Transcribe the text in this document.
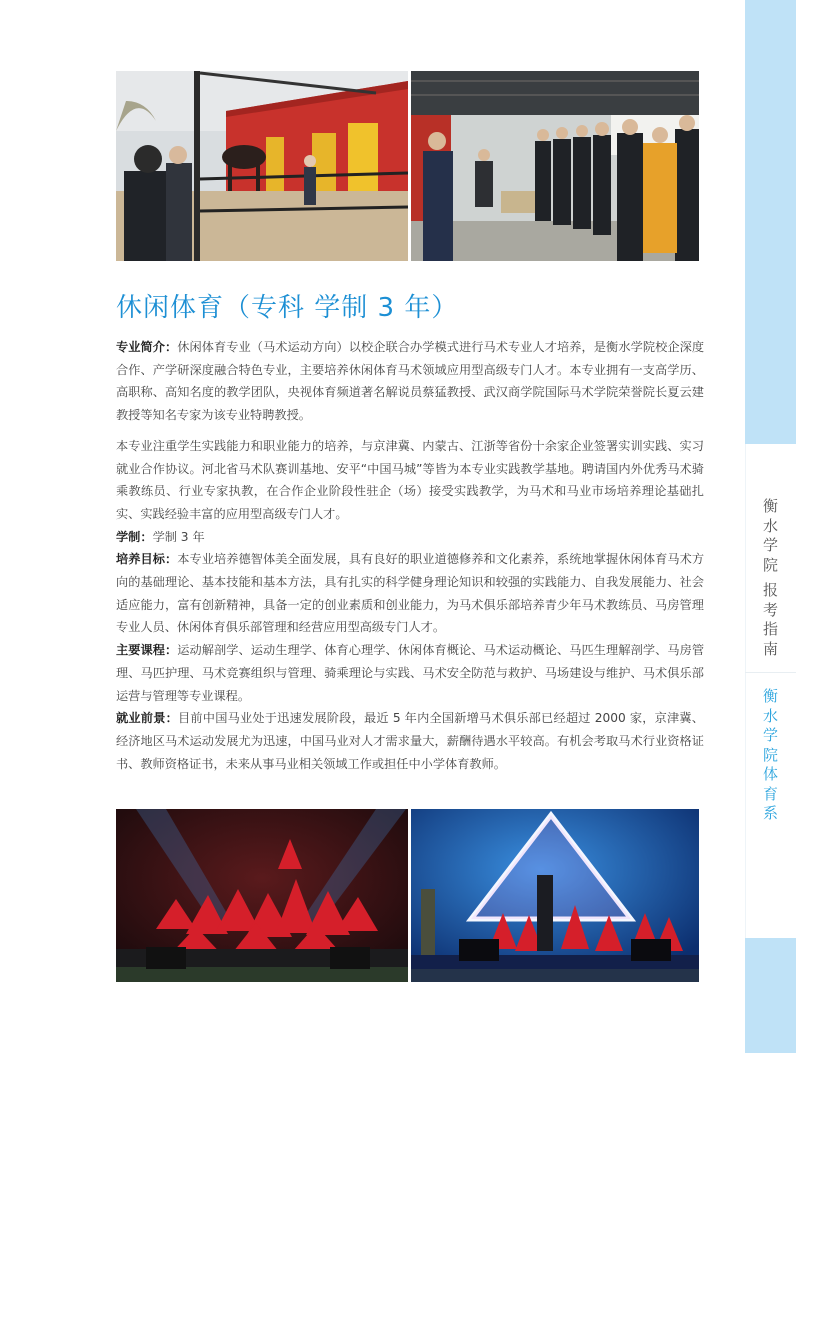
衡
水
学
院
报
考
指
南
衡
水
学
院
体
育
系
休闲体育（专科 学制 3 年）

专业简介：休闲体育专业（马术运动方向）以校企联合办学模式进行马术专业人才培养，是衡水学院校企深度合作、产学研深度融合特色专业，主要培养休闲体育马术领域应用型高级专门人才。本专业拥有一支高学历、高职称、高知名度的教学团队，央视体育频道著名解说员蔡猛教授、武汉商学院国际马术学院荣誉院长夏云建教授等知名专家为该专业特聘教授。

本专业注重学生实践能力和职业能力的培养，与京津冀、内蒙古、江浙等省份十余家企业签署实训实践、实习就业合作协议。河北省马术队赛训基地、安平“中国马城”等皆为本专业实践教学基地。聘请国内外优秀马术骑乘教练员、行业专家执教，在合作企业阶段性驻企（场）接受实践教学，为马术和马业市场培养理论基础扎实、实践经验丰富的应用型高级专门人才。

学制：学制 3 年

培养目标：本专业培养德智体美全面发展，具有良好的职业道德修养和文化素养，系统地掌握休闲体育马术方向的基础理论、基本技能和基本方法，具有扎实的科学健身理论知识和较强的实践能力、自我发展能力、社会适应能力，富有创新精神，具备一定的创业素质和创业能力，为马术俱乐部培养青少年马术教练员、马房管理专业人员、休闲体育俱乐部管理和经营应用型高级专门人才。

主要课程：运动解剖学、运动生理学、体育心理学、休闲体育概论、马术运动概论、马匹生理解剖学、马房管理、马匹护理、马术竞赛组织与管理、骑乘理论与实践、马术安全防范与救护、马场建设与维护、马术俱乐部运营与管理等专业课程。

就业前景：目前中国马业处于迅速发展阶段，最近 5 年内全国新增马术俱乐部已经超过 2000 家，京津冀、经济地区马术运动发展尤为迅速，中国马业对人才需求量大，薪酬待遇水平较高。有机会考取马术行业资格证书、教师资格证书，未来从事马业相关领域工作或担任中小学体育教师。
